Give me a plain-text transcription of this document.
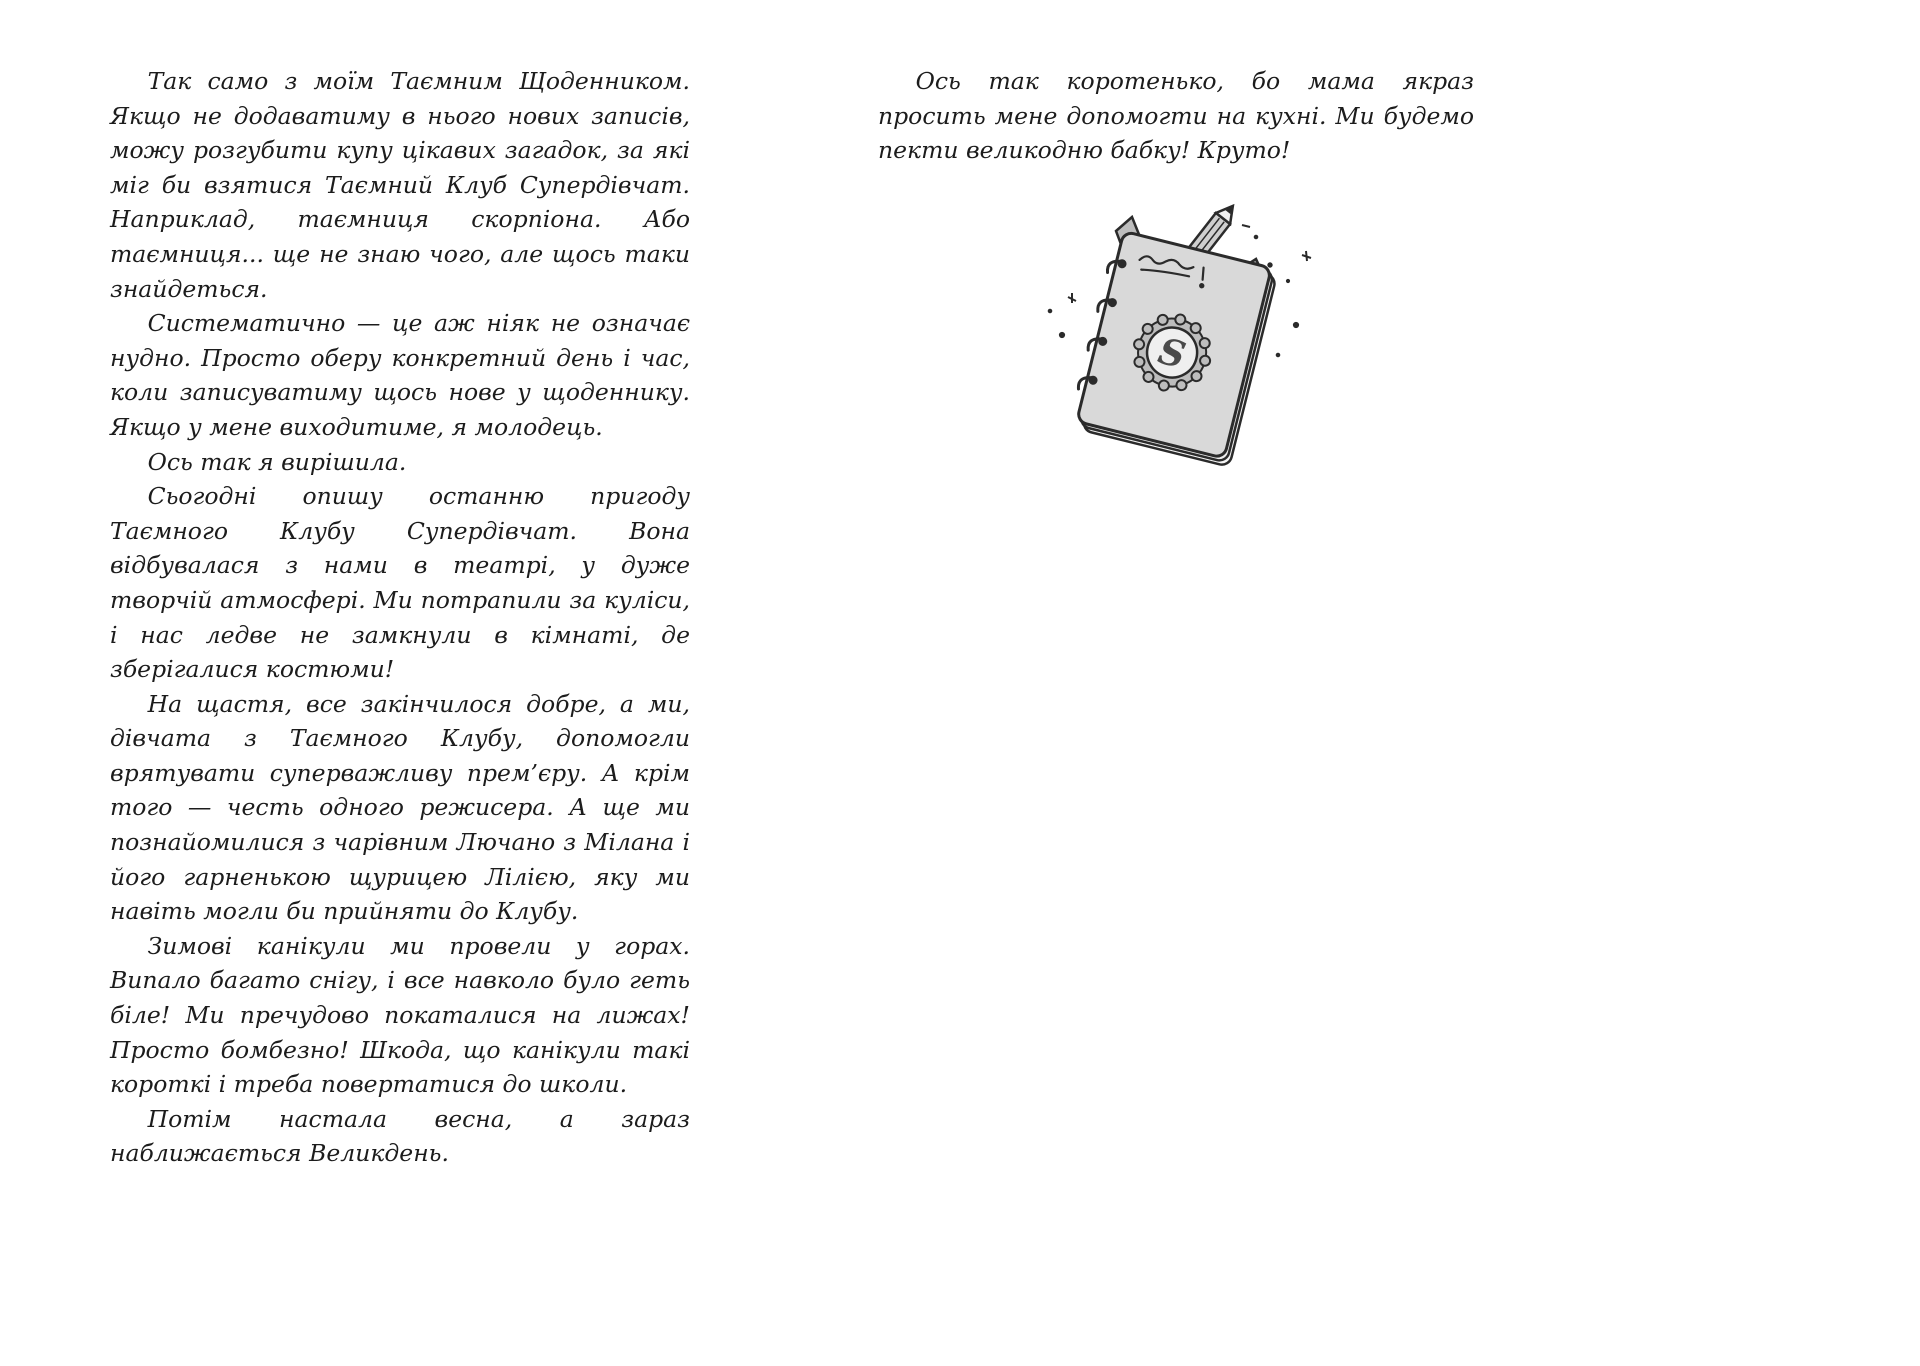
Так само з моїм Таємним Щоденником. Якщо не додаватиму в нього нових записів, можу розгубити купу цікавих загадок, за які міг би взятися Таємний Клуб Супердівчат. Наприклад, таємниця скорпіона. Або таємниця... ще не знаю чого, але щось таки знайдеться.

Систематично — це аж ніяк не означає нудно. Просто оберу конкретний день і час, коли записуватиму щось нове у щоденнику. Якщо у мене виходитиме, я молодець.

Ось так я вирішила.

Сьогодні опишу останню пригоду Таємного Клубу Супердівчат. Вона відбувалася з нами в театрі, у дуже творчій атмосфері. Ми потрапили за куліси, і нас ледве не замкнули в кімнаті, де зберігалися костюми!

На щастя, все закінчилося добре, а ми, дівчата з Таємного Клубу, допомогли врятувати суперважливу прем’єру. А крім того — честь одного режисера. А ще ми познайомилися з чарівним Лючано з Мілана і його гарненькою щурицею Лілією, яку ми навіть могли би прийняти до Клубу.

Зимові канікули ми провели у горах. Випало багато снігу, і все навколо було геть біле! Ми пречудово покаталися на лижах! Просто бомбезно! Шкода, що канікули такі короткі і треба повертатися до школи.

Потім настала весна, а зараз наближається Великдень.

Ось так коротенько, бо мама якраз просить мене допомогти на кухні. Ми будемо пекти великодню бабку! Круто!

S
